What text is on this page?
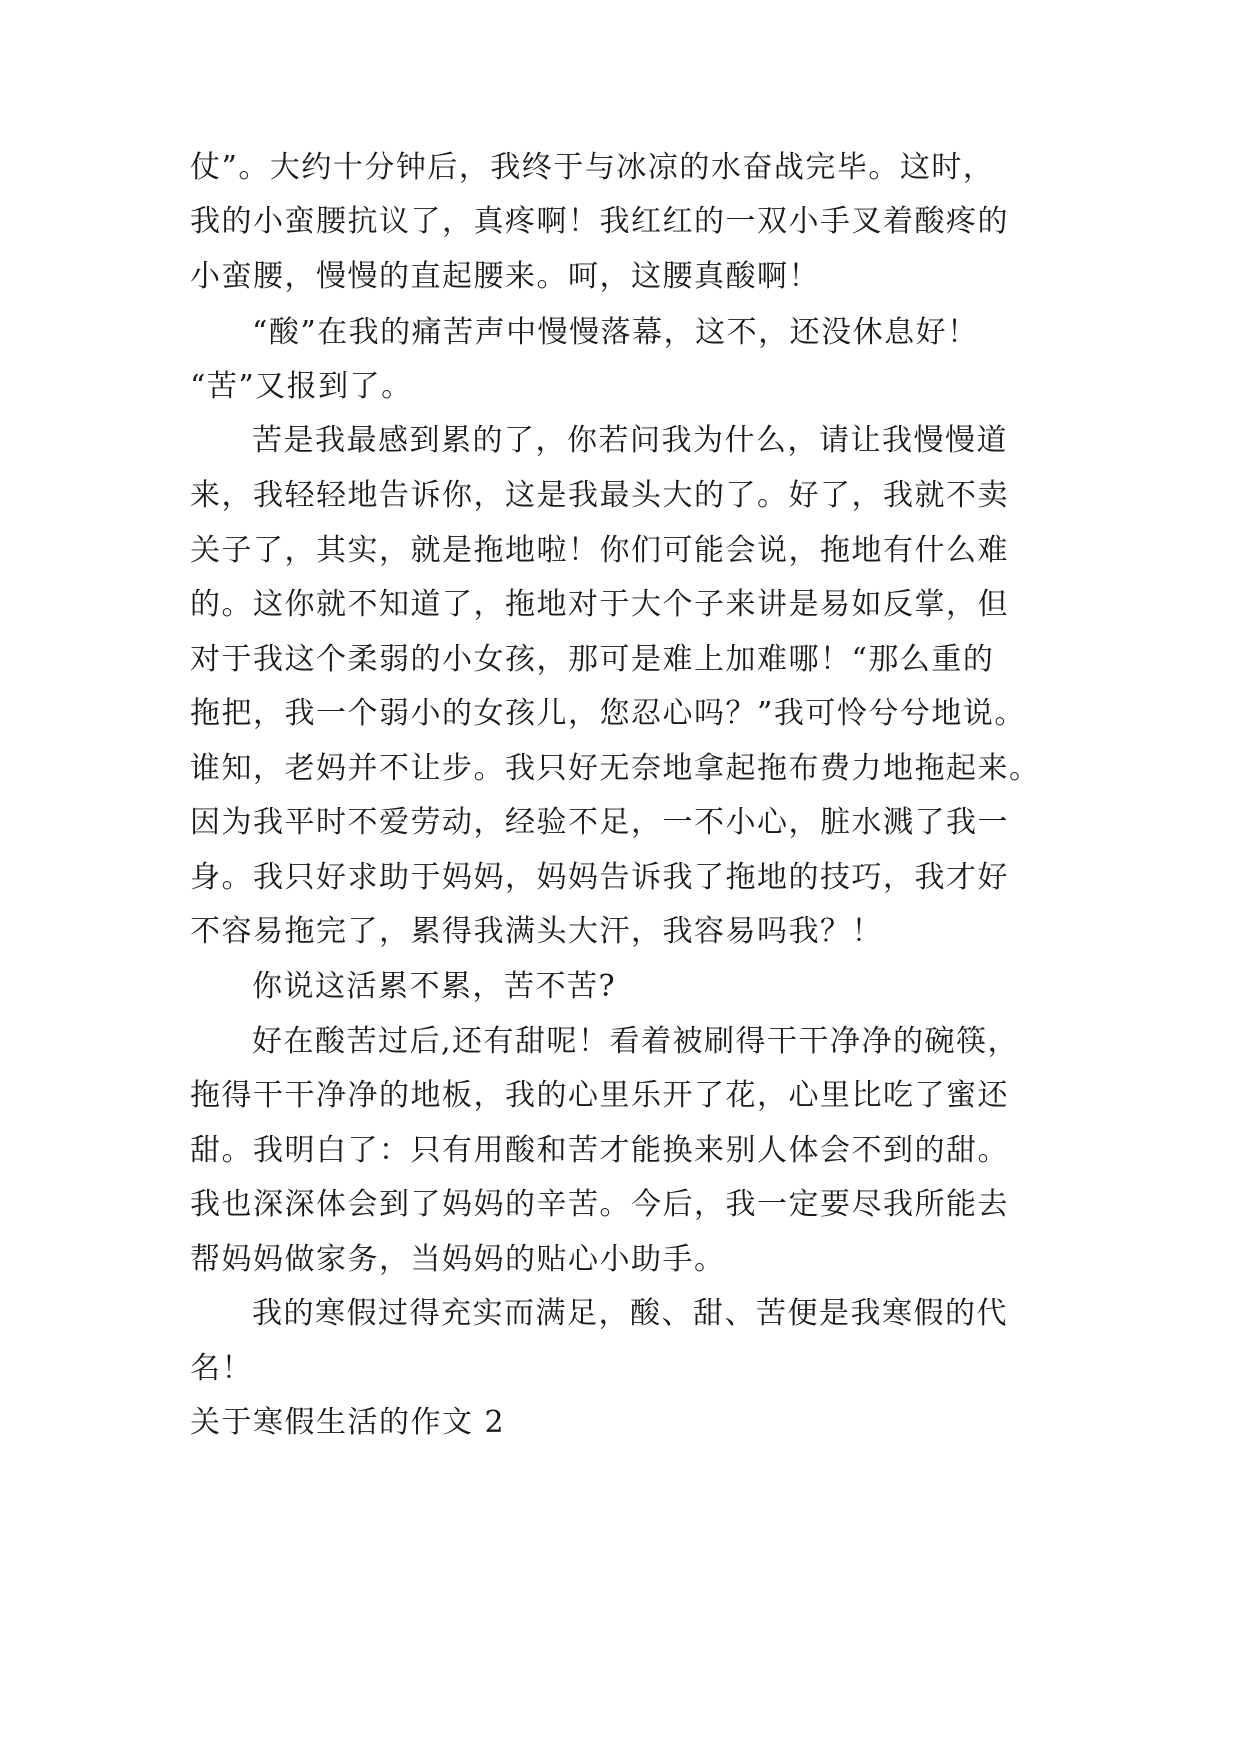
仗”。大约十分钟后，我终于与冰凉的水奋战完毕。这时，

我的小蛮腰抗议了，真疼啊！我红红的一双小手叉着酸疼的

小蛮腰，慢慢的直起腰来。呵，这腰真酸啊！

“酸”在我的痛苦声中慢慢落幕，这不，还没休息好！

“苦”又报到了。

苦是我最感到累的了，你若问我为什么，请让我慢慢道

来，我轻轻地告诉你，这是我最头大的了。好了，我就不卖

关子了，其实，就是拖地啦！你们可能会说，拖地有什么难

的。这你就不知道了，拖地对于大个子来讲是易如反掌，但

对于我这个柔弱的小女孩，那可是难上加难哪！“那么重的

拖把，我一个弱小的女孩儿，您忍心吗？”我可怜兮兮地说。

谁知，老妈并不让步。我只好无奈地拿起拖布费力地拖起来。

因为我平时不爱劳动，经验不足，一不小心，脏水溅了我一

身。我只好求助于妈妈，妈妈告诉我了拖地的技巧，我才好

不容易拖完了，累得我满头大汗，我容易吗我？！

你说这活累不累，苦不苦?

好在酸苦过后,还有甜呢！看着被刷得干干净净的碗筷，

拖得干干净净的地板，我的心里乐开了花，心里比吃了蜜还

甜。我明白了：只有用酸和苦才能换来别人体会不到的甜。

我也深深体会到了妈妈的辛苦。今后，我一定要尽我所能去

帮妈妈做家务，当妈妈的贴心小助手。

我的寒假过得充实而满足，酸、甜、苦便是我寒假的代

名！

关于寒假生活的作文 2
